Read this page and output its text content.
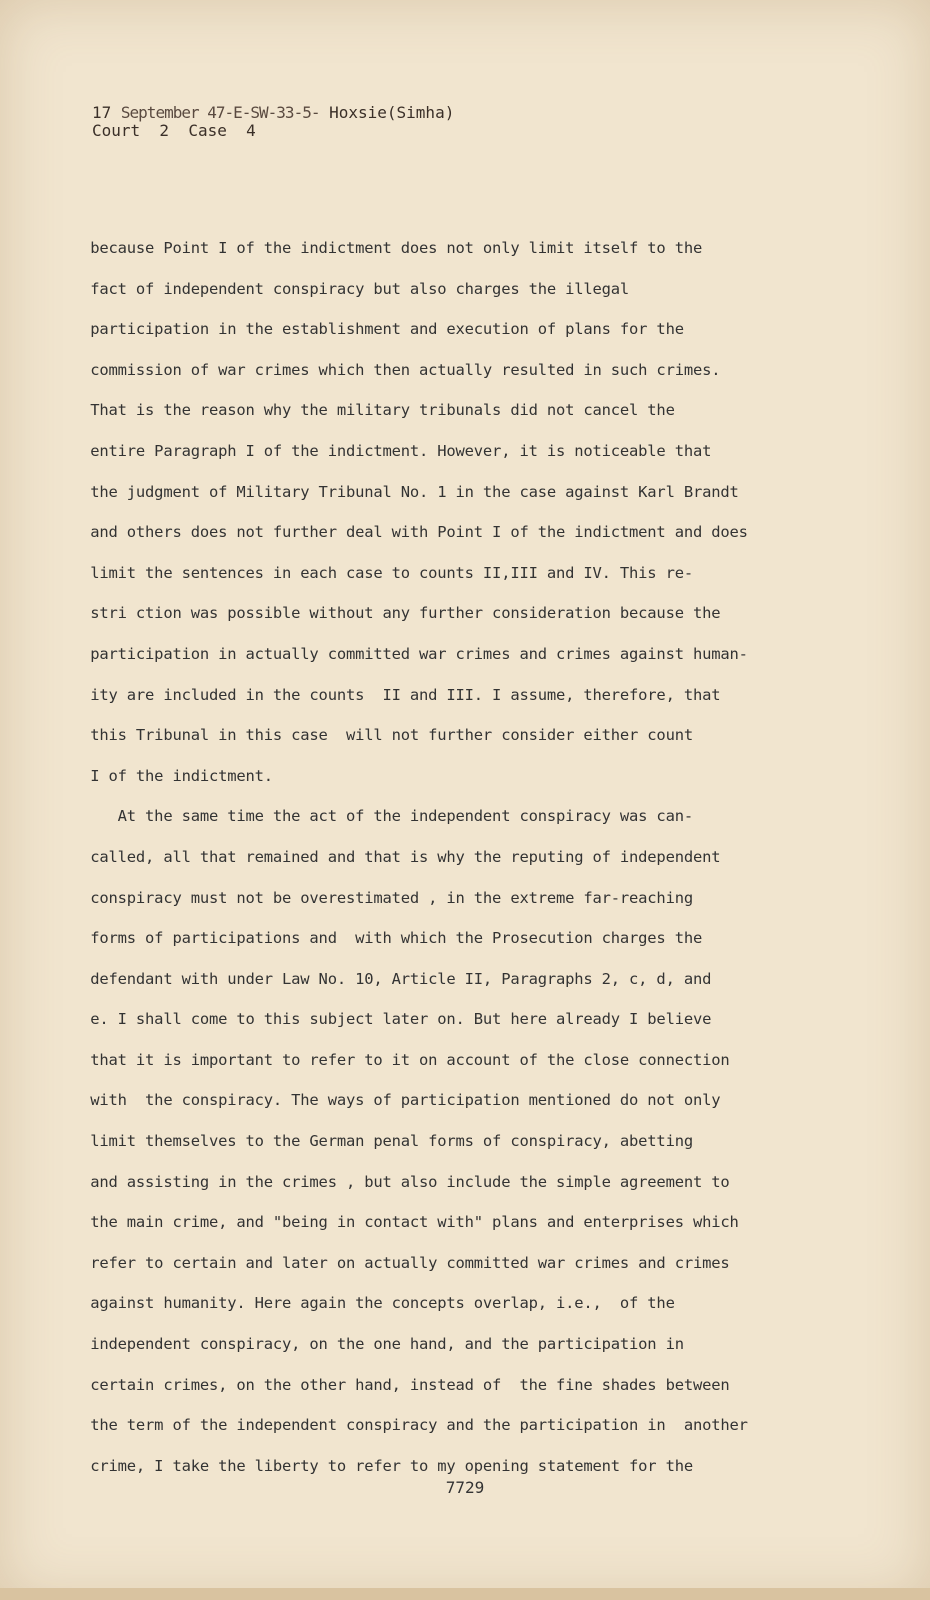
17 September 47-E-SW-33-5- Hoxsie(Simha)
Court  2  Case  4
because Point I of the indictment does not only limit itself to the
fact of independent conspiracy but also charges the illegal
participation in the establishment and execution of plans for the
commission of war crimes which then actually resulted in such crimes.
That is the reason why the military tribunals did not cancel the
entire Paragraph I of the indictment. However, it is noticeable that
the judgment of Military Tribunal No. 1 in the case against Karl Brandt
and others does not further deal with Point I of the indictment and does
limit the sentences in each case to counts II,III and IV. This re-
stri ction was possible without any further consideration because the
participation in actually committed war crimes and crimes against human-
ity are included in the counts  II and III. I assume, therefore, that
this Tribunal in this case  will not further consider either count
I of the indictment.
At the same time the act of the independent conspiracy was can-
called, all that remained and that is why the reputing of independent
conspiracy must not be overestimated , in the extreme far-reaching
forms of participations and  with which the Prosecution charges the
defendant with under Law No. 10, Article II, Paragraphs 2, c, d, and
e. I shall come to this subject later on. But here already I believe
that it is important to refer to it on account of the close connection
with  the conspiracy. The ways of participation mentioned do not only
limit themselves to the German penal forms of conspiracy, abetting
and assisting in the crimes , but also include the simple agreement to
the main crime, and "being in contact with" plans and enterprises which
refer to certain and later on actually committed war crimes and crimes
against humanity. Here again the concepts overlap, i.e.,  of the
independent conspiracy, on the one hand, and the participation in
certain crimes, on the other hand, instead of  the fine shades between
the term of the independent conspiracy and the participation in  another
crime, I take the liberty to refer to my opening statement for the
7729
